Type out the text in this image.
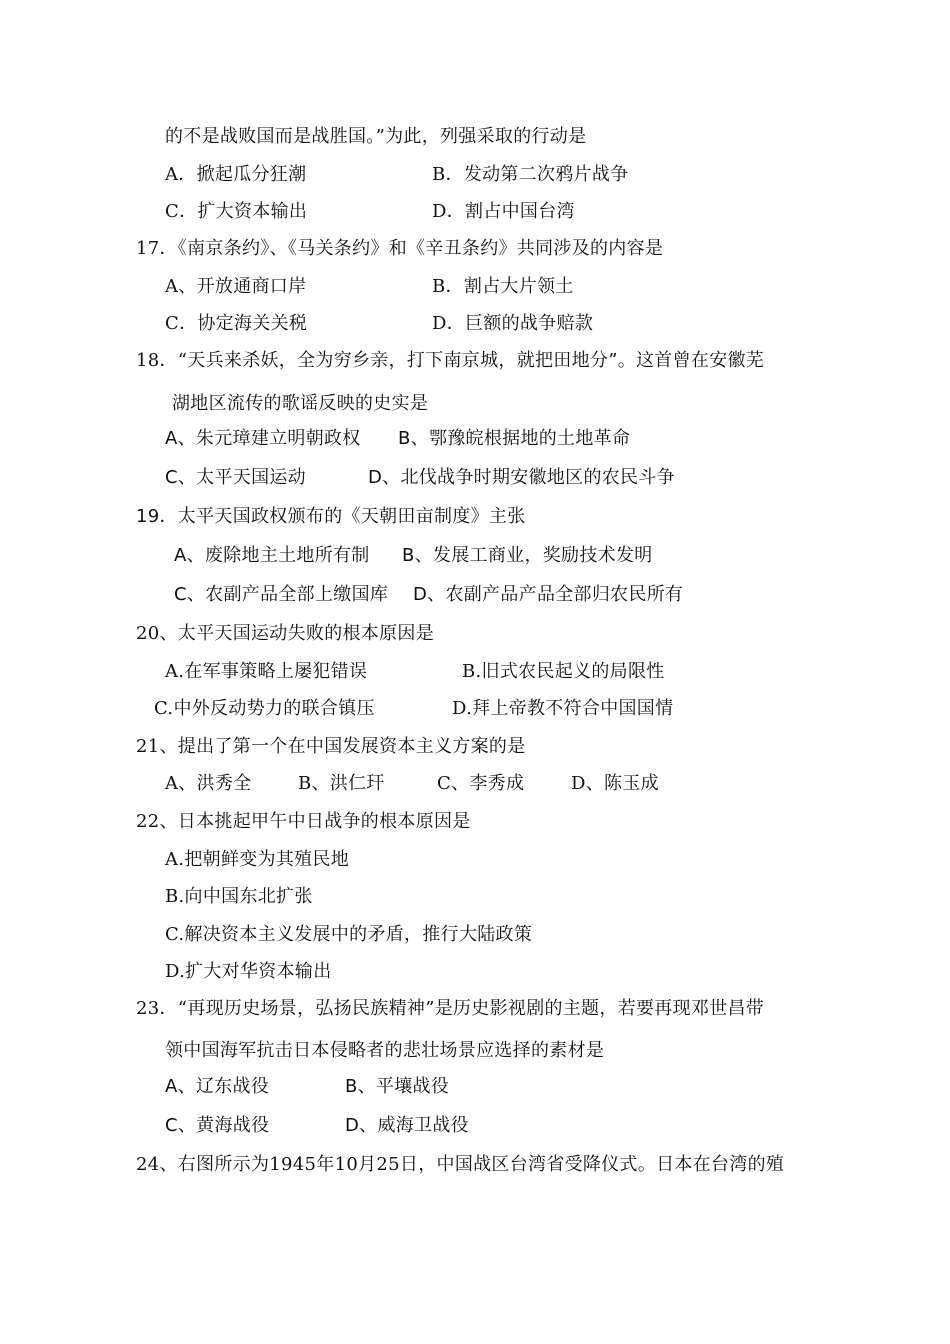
的不是战败国而是战胜国。”为此，列强采取的行动是
A．掀起瓜分狂潮	B．发动第二次鸦片战争
C．扩大资本输出	D．割占中国台湾
17．《南京条约》、《马关条约》和《辛丑条约》共同涉及的内容是
A、开放通商口岸	B．割占大片领土
C．协定海关关税	D．巨额的战争赔款
18．“天兵来杀妖，全为穷乡亲，打下南京城，就把田地分”。这首曾在安徽芜
湖地区流传的歌谣反映的史实是
A、朱元璋建立明朝政权 B、鄂豫皖根据地的土地革命
C、太平天国运动	D、北伐战争时期安徽地区的农民斗争
19．太平天国政权颁布的《天朝田亩制度》主张
A、废除地主土地所有制 B、发展工商业，奖励技术发明
C、农副产品全部上缴国库 D、农副产品产品全部归农民所有
20、太平天国运动失败的根本原因是
A.在军事策略上屡犯错误	B.旧式农民起义的局限性
C.中外反动势力的联合镇压	D.拜上帝教不符合中国国情
21、提出了第一个在中国发展资本主义方案的是
A、洪秀全	B、洪仁玕	C、李秀成	D、陈玉成
22、日本挑起甲午中日战争的根本原因是
A.把朝鲜变为其殖民地
B.向中国东北扩张
C.解决资本主义发展中的矛盾，推行大陆政策
D.扩大对华资本输出
23．“再现历史场景，弘扬民族精神”是历史影视剧的主题，若要再现邓世昌带
领中国海军抗击日本侵略者的悲壮场景应选择的素材是
A、辽东战役	B、平壤战役
C、黄海战役	D、威海卫战役
24、右图所示为1945年10月25日，中国战区台湾省受降仪式。日本在台湾的殖
